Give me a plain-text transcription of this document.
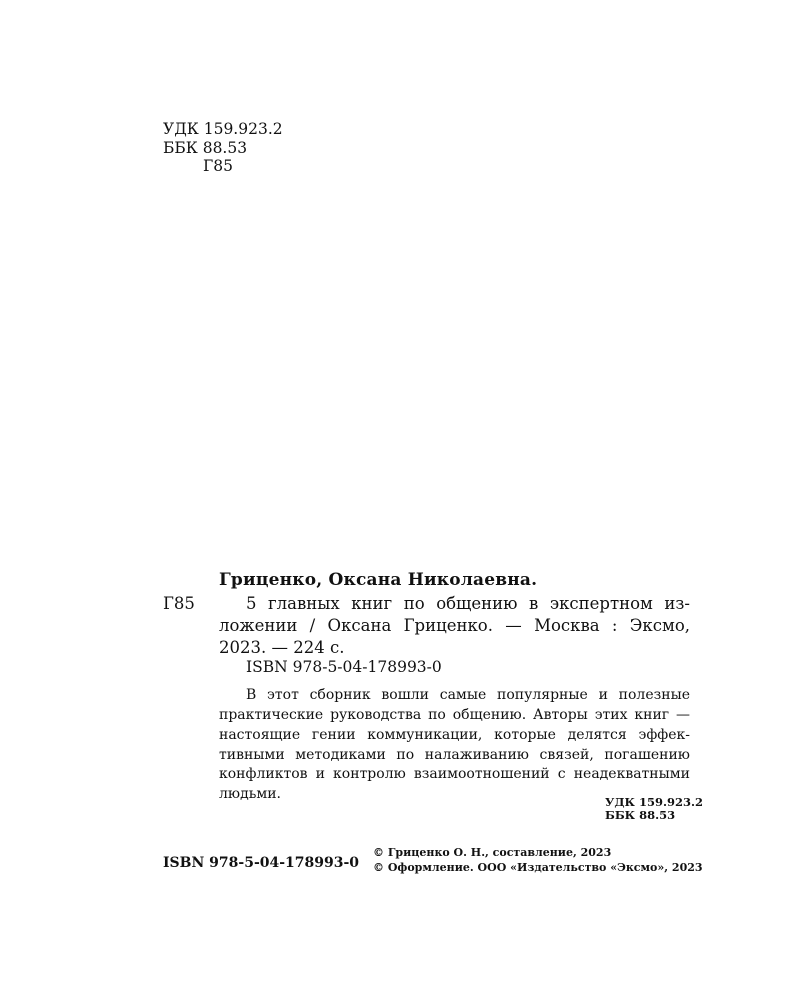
УДК 159.923.2
ББК 88.53
Г85
Гриценко, Оксана Николаевна.
Г85	5 главных книг по общению в экспертном из-
ложении / Оксана Гриценко. — Москва : Эксмо,
2023. — 224 с.
ISBN 978-5-04-178993-0
В этот сборник вошли самые популярные и полезные
практические руководства по общению. Авторы этих книг —
настоящие гении коммуникации, которые делятся эффек-
тивными методиками по налаживанию связей, погашению
конфликтов и контролю взаимоотношений с неадекватными
людьми.	УДК 159.923.2
ББК 88.53
ISBN 978-5-04-178993-0
© Гриценко О. Н., составление, 2023
© Оформление. ООО «Издательство «Эксмо», 2023
